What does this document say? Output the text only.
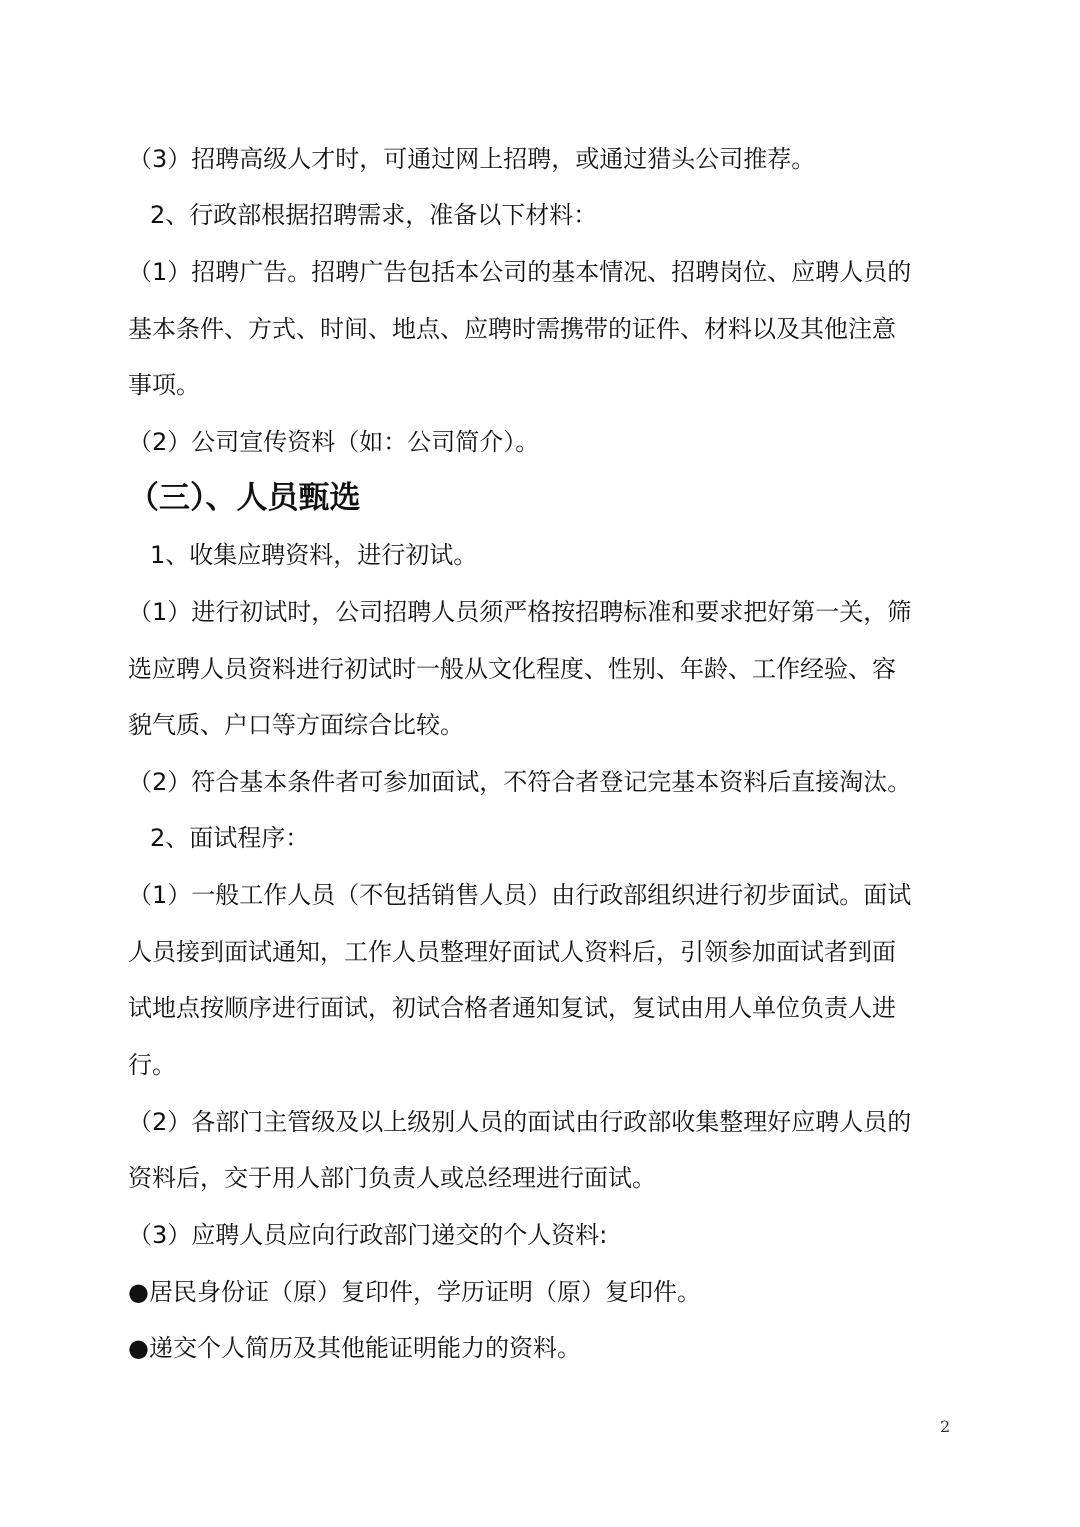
（3）招聘高级人才时，可通过网上招聘，或通过猎头公司推荐。
2、行政部根据招聘需求，准备以下材料：
（1）招聘广告。招聘广告包括本公司的基本情况、招聘岗位、应聘人员的
基本条件、方式、时间、地点、应聘时需携带的证件、材料以及其他注意
事项。
（2）公司宣传资料（如：公司简介）。
（三）、人员甄选
1、收集应聘资料，进行初试。
（1）进行初试时，公司招聘人员须严格按招聘标准和要求把好第一关，筛
选应聘人员资料进行初试时一般从文化程度、性别、年龄、工作经验、容
貌气质、户口等方面综合比较。
（2）符合基本条件者可参加面试，不符合者登记完基本资料后直接淘汰。
2、面试程序：
（1）一般工作人员（不包括销售人员）由行政部组织进行初步面试。面试
人员接到面试通知，工作人员整理好面试人资料后，引领参加面试者到面
试地点按顺序进行面试，初试合格者通知复试，复试由用人单位负责人进
行。
（2）各部门主管级及以上级别人员的面试由行政部收集整理好应聘人员的
资料后，交于用人部门负责人或总经理进行面试。
（3）应聘人员应向行政部门递交的个人资料:
●居民身份证（原）复印件，学历证明（原）复印件。
●递交个人简历及其他能证明能力的资料。
2
